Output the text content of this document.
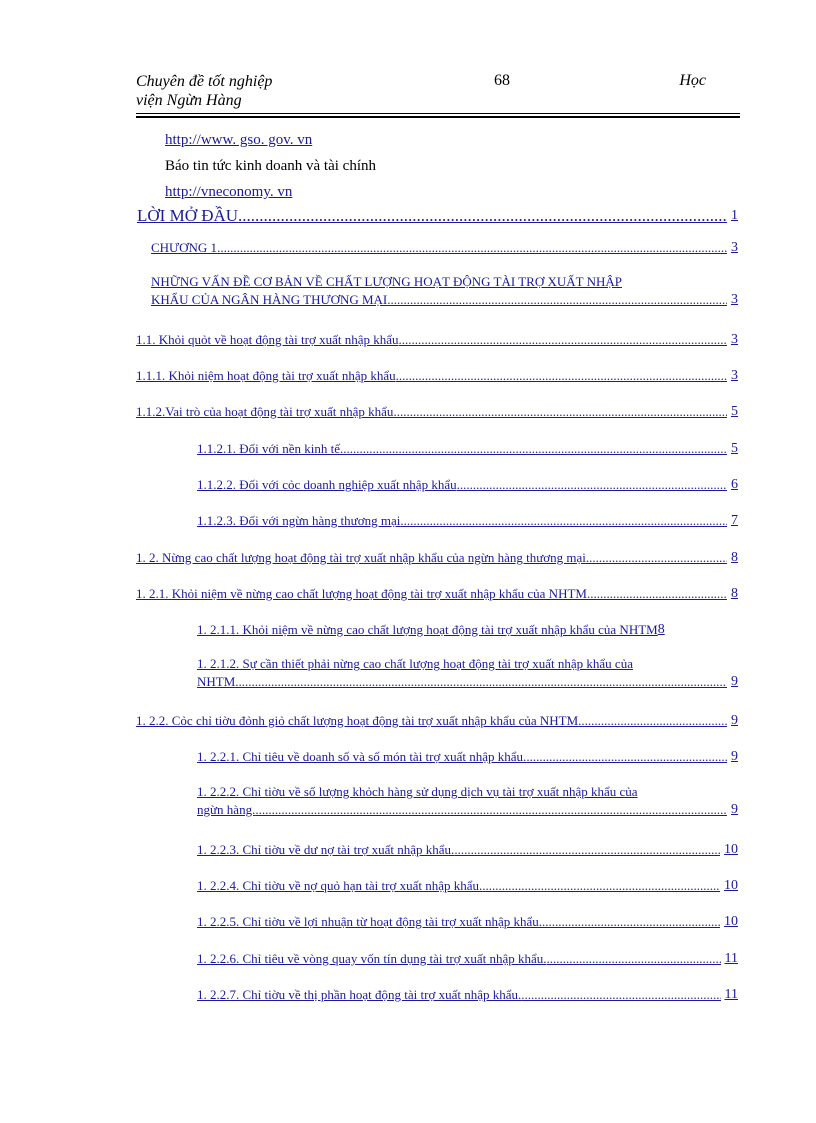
Chuyên đề tốt nghiệp
viện Ngừn Hàng
68	Học
http://www. gso. gov. vn
Báo tin tức kinh doanh và tài chính
http://vneconomy. vn
LỜI MỞ ĐẦU .....	1
CHƯƠNG 1 .....	3
NHỮNG VẤN ĐỀ CƠ BẢN VỀ CHẤT LƯỢNG HOẠT ĐỘNG TÀI TRỢ XUẤT NHẬP
KHẨU CỦA NGÂN HÀNG THƯƠNG MẠI .....	3
1.1. Khỏi quỏt về hoạt động tài trợ xuất nhập khẩu .....	3
1.1.1. Khỏi niệm hoạt động tài trợ xuất nhập khẩu .....	3
1.1.2.Vai trò của hoạt động tài trợ xuất nhập khẩu .....	5
1.1.2.1. Đối với nền kinh tế .....	5
1.1.2.2. Đối với cỏc doanh nghiệp xuất nhập khẩu .....	6
1.1.2.3. Đối với ngừn hàng thương mại .....	7
1. 2. Nừng cao chất lượng hoạt động tài trợ xuất nhập khẩu của ngừn hàng thương mại .....	8
1. 2.1. Khỏi niệm về nừng cao chất lượng hoạt động tài trợ xuất nhập khẩu của NHTM .....	8
1. 2.1.1. Khỏi niệm về nừng cao chất lượng hoạt động tài trợ xuất nhập khẩu của NHTM 8
1. 2.1.2. Sự cần thiết phải nừng cao chất lượng hoạt động tài trợ xuất nhập khẩu của
NHTM .....	9
1. 2.2. Cỏc chỉ tiờu đỏnh giỏ chất lượng hoạt động tài trợ xuất nhập khẩu của NHTM .....	9
1. 2.2.1. Chỉ tiêu về doanh số và số món tài trợ xuất nhập khẩu. .....	9
1. 2.2.2. Chỉ tiờu về số lượng khỏch hàng sử dụng dịch vụ tài trợ xuất nhập khẩu của
ngừn hàng. .....	9
1. 2.2.3. Chỉ tiờu về dư nợ tài trợ xuất nhập khẩu. .....	10
1. 2.2.4. Chỉ tiờu về nợ quỏ hạn tài trợ xuất nhập khẩu. .....	10
1. 2.2.5. Chỉ tiờu về lợi nhuận từ hoạt động tài trợ xuất nhập khẩu. .....	10
1. 2.2.6. Chỉ tiêu về vòng quay vốn tín dụng tài trợ xuất nhập khẩu. .....	11
1. 2.2.7. Chỉ tiờu về thị phần hoạt động tài trợ xuất nhập khẩu. .....	11
